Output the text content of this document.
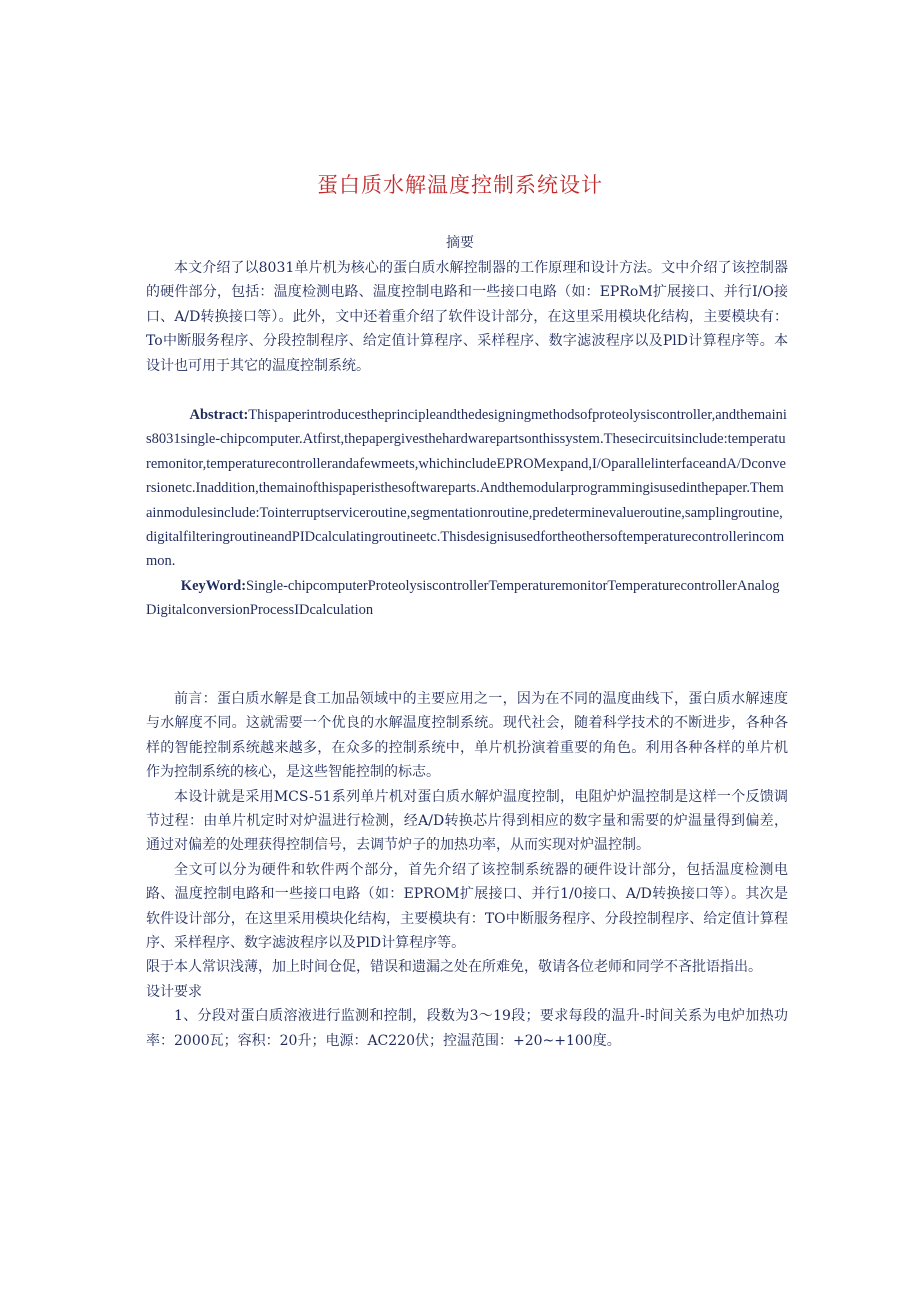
蛋白质水解温度控制系统设计
摘要

本文介绍了以8031单片机为核心的蛋白质水解控制器的工作原理和设计方法。文中介绍了该控制器的硬件部分，包括：温度检测电路、温度控制电路和一些接口电路（如：EPRoM扩展接口、并行I/O接口、A/D转换接口等）。此外，文中还着重介绍了软件设计部分，在这里采用模块化结构，主要模块有：To中断服务程序、分段控制程序、给定值计算程序、采样程序、数字滤波程序以及PlD计算程序等。本设计也可用于其它的温度控制系统。

Abstract:Thispaperintroducestheprincipleandthedesigningmethodsofproteolysiscontroller,andthemainis8031single-chipcomputer.Atfirst,thepapergivesthehardwarepartsonthissystem.Thesecircuitsinclude:temperaturemonitor,temperaturecontrollerandafewmeets,whichincludeEPROMexpand,I/OparallelinterfaceandA/Dconversionetc.Inaddition,themainofthispaperisthesoftwareparts.Andthemodularprogrammingisusedinthepaper.Themainmodulesinclude:Tointerruptserviceroutine,segmentationroutine,predeterminevalueroutine,samplingroutine,digitalfilteringroutineandPIDcalculatingroutineetc.Thisdesignisusedfortheothersoftemperaturecontrollerincommon.

KeyWord:Single-chipcomputerProteolysiscontrollerTemperaturemonitorTemperaturecontrollerAnalogDigitalconversionProcessIDcalculation

前言：蛋白质水解是食工加品领域中的主要应用之一，因为在不同的温度曲线下，蛋白质水解速度与水解度不同。这就需要一个优良的水解温度控制系统。现代社会，随着科学技术的不断进步，各种各样的智能控制系统越来越多，在众多的控制系统中，单片机扮演着重要的角色。利用各种各样的单片机作为控制系统的核心，是这些智能控制的标志。

本设计就是采用MCS-51系列单片机对蛋白质水解炉温度控制，电阻炉炉温控制是这样一个反馈调节过程：由单片机定时对炉温进行检测，经A/D转换芯片得到相应的数字量和需要的炉温量得到偏差，通过对偏差的处理获得控制信号，去调节炉子的加热功率，从而实现对炉温控制。

全文可以分为硬件和软件两个部分，首先介绍了该控制系统器的硬件设计部分，包括温度检测电路、温度控制电路和一些接口电路（如：EPROM扩展接口、并行1/0接口、A/D转换接口等）。其次是软件设计部分，在这里采用模块化结构，主要模块有：TO中断服务程序、分段控制程序、给定值计算程序、采样程序、数字滤波程序以及PlD计算程序等。

限于本人常识浅薄，加上时间仓促，错误和遗漏之处在所难免，敬请各位老师和同学不吝批语指出。

设计要求

1、分段对蛋白质溶液进行监测和控制，段数为3～19段；要求每段的温升-时间关系为电炉加热功率：2000瓦；容积：20升；电源：AC220伏；控温范围：+20~+100度。
